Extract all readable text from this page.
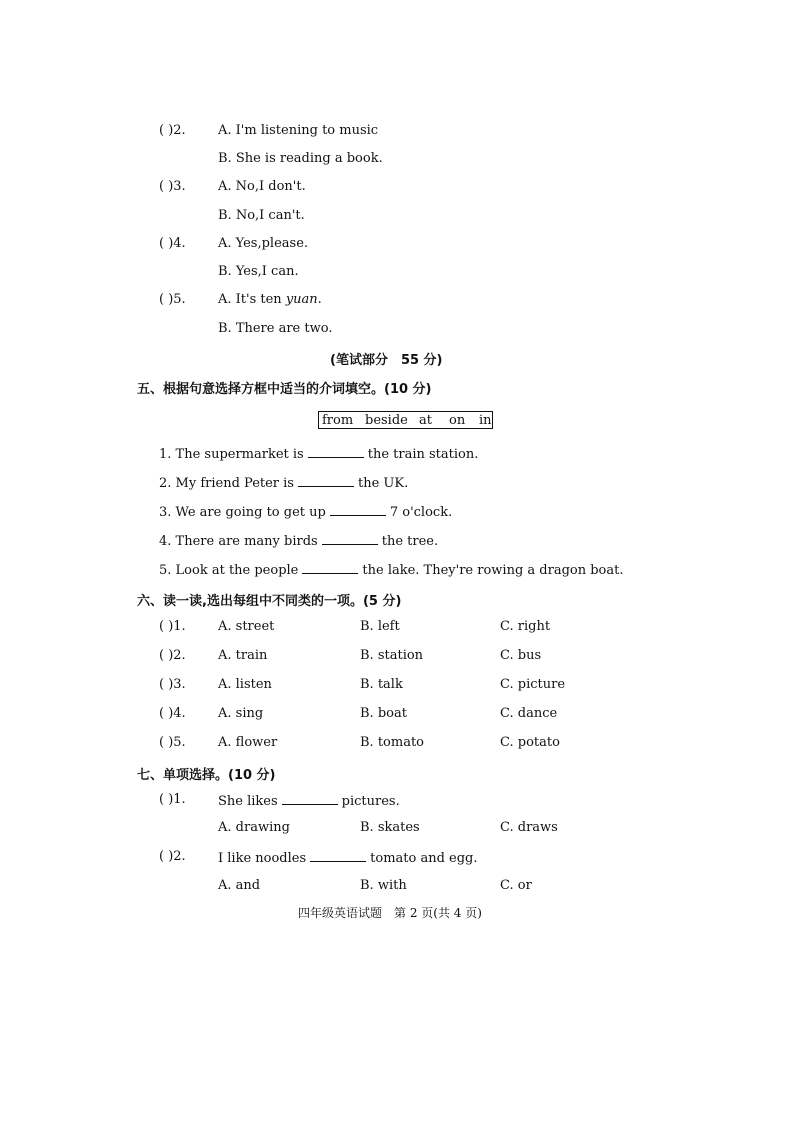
( )2. A. I'm listening to music
B. She is reading a book.
( )3. A. No,I don't.
B. No,I can't.
( )4. A. Yes,please.
B. Yes,I can.
( )5. A. It's ten yuan.
B. There are two.
(笔试部分　55 分)
五、根据句意选择方框中适当的介词填空。(10 分)
from beside at on in
1. The supermarket is	the train station.
2. My friend Peter is	the UK.
3. We are going to get up	7 o'clock.
4. There are many birds	the tree.
5. Look at the people	the lake. They're rowing a dragon boat.
六、读一读,选出每组中不同类的一项。(5 分)
( )1. A. street	B. left	C. right
( )2. A. train	B. station	C. bus
( )3. A. listen	B. talk	C. picture
( )4. A. sing	B. boat	C. dance
( )5. A. flower	B. tomato	C. potato
七、单项选择。(10 分)
( )1. She likes	pictures.
A. drawing	B. skates	C. draws
( )2. I like noodles	tomato and egg.
A. and	B. with	C. or
四年级英语试题　第 2 页(共 4 页)
